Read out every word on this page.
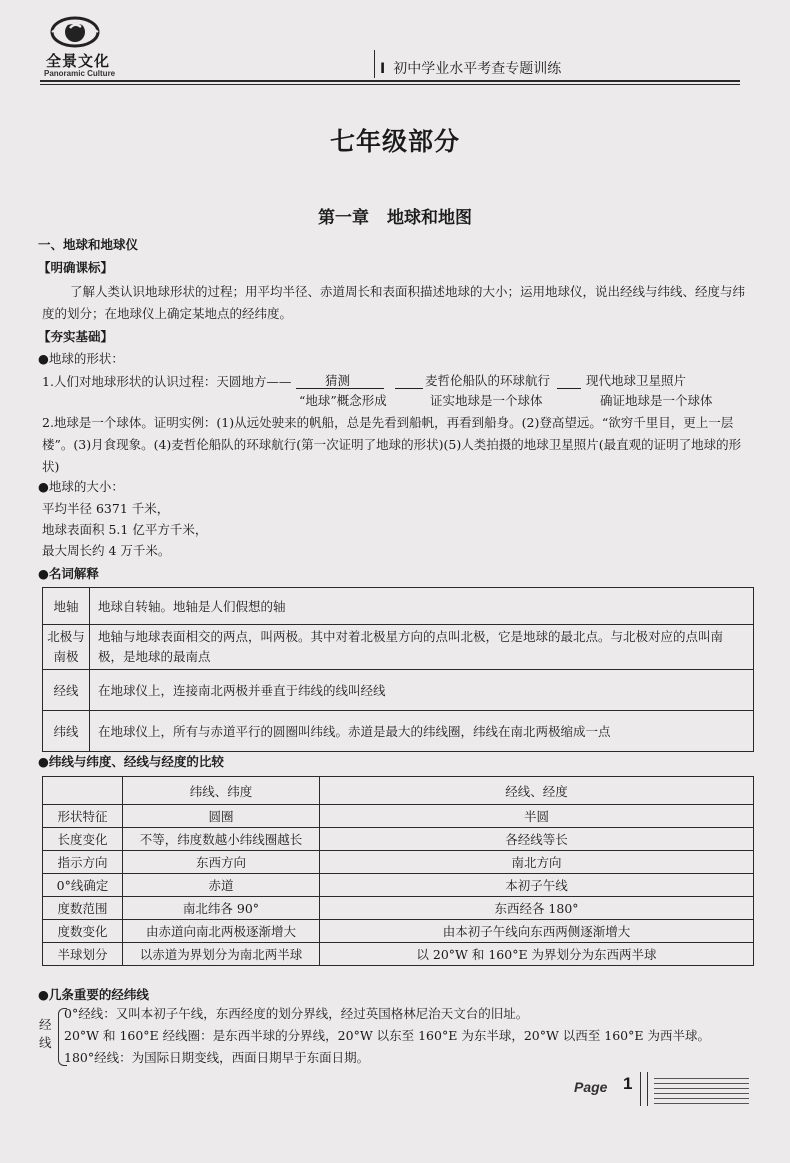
全景文化
Panoramic Culture	I 初中学业水平考查专题训练
七年级部分
第一章 地球和地图
一、地球和地球仪
【明确课标】
了解人类认识地球形状的过程；用平均半径、赤道周长和表面积描述地球的大小；运用地球仪，说出经线与纬线、经度与纬度的划分；在地球仪上确定某地点的经纬度。
【夯实基础】
●地球的形状：
1.人们对地球形状的认识过程：天圆地方——	猜测	麦哲伦船队的环球航行	现代地球卫星照片
“地球”概念形成	证实地球是一个球体	确证地球是一个球体
2.地球是一个球体。证明实例：(1)从远处驶来的帆船，总是先看到船帆，再看到船身。(2)登高望远。“欲穷千里目，更上一层楼”。(3)月食现象。(4)麦哲伦船队的环球航行(第一次证明了地球的形状)(5)人类拍摄的地球卫星照片(最直观的证明了地球的形状)
●地球的大小：
平均半径 6371 千米，
地球表面积 5.1 亿平方千米，
最大周长约 4 万千米。
●名词解释
地轴	地球自转轴。地轴是人们假想的轴
北极与南极	地轴与地球表面相交的两点，叫两极。其中对着北极星方向的点叫北极，它是地球的最北点。与北极对应的点叫南极，是地球的最南点
经线	在地球仪上，连接南北两极并垂直于纬线的线叫经线
纬线	在地球仪上，所有与赤道平行的圆圈叫纬线。赤道是最大的纬线圈，纬线在南北两极缩成一点
●纬线与纬度、经线与经度的比较
	纬线、纬度	经线、经度
形状特征	圆圈	半圆
长度变化	不等，纬度数越小纬线圈越长	各经线等长
指示方向	东西方向	南北方向
0°线确定	赤道	本初子午线
度数范围	南北纬各 90°	东西经各 180°
度数变化	由赤道向南北两极逐渐增大	由本初子午线向东西两侧逐渐增大
半球划分	以赤道为界划分为南北两半球	以 20°W 和 160°E 为界划分为东西两半球
●几条重要的经纬线
经线
0°经线：又叫本初子午线，东西经度的划分界线，经过英国格林尼治天文台的旧址。
20°W 和 160°E 经线圈：是东西半球的分界线，20°W 以东至 160°E 为东半球，20°W 以西至 160°E 为西半球。
180°经线：为国际日期变线，西面日期早于东面日期。
Page 1
